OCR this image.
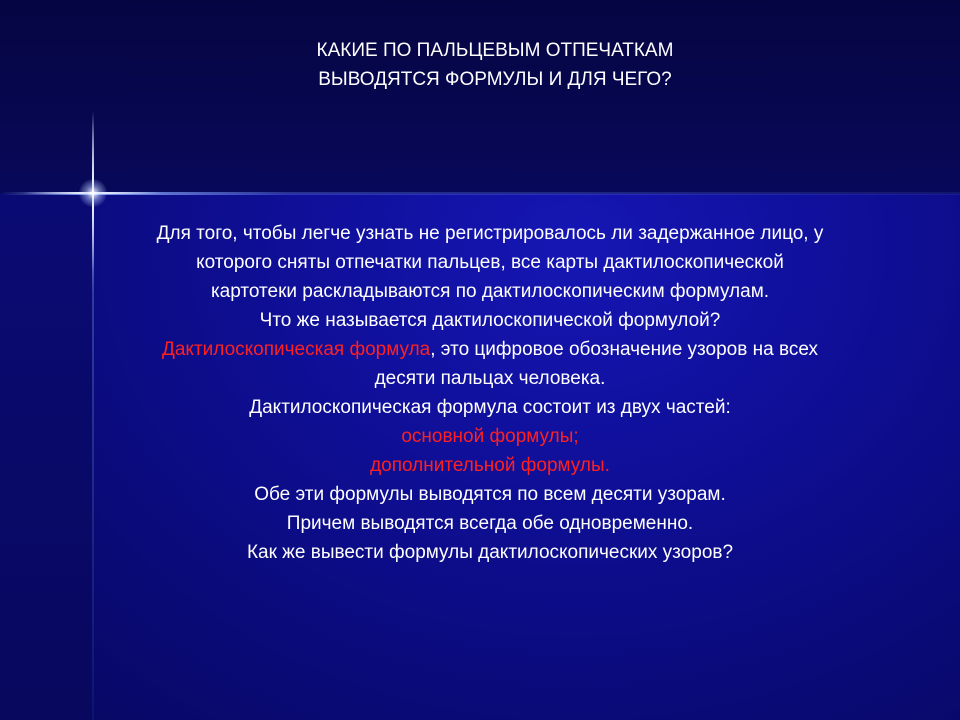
КАКИЕ ПО ПАЛЬЦЕВЫМ ОТПЕЧАТКАМ
ВЫВОДЯТСЯ ФОРМУЛЫ И ДЛЯ ЧЕГО?
Для того, чтобы легче узнать не регистрировалось ли задержанное лицо, у
которого сняты отпечатки пальцев, все карты дактилоскопической
картотеки раскладываются по дактилоскопическим формулам.
Что же называется дактилоскопической формулой?
Дактилоскопическая формула, это цифровое обозначение узоров на всех
десяти пальцах человека.
Дактилоскопическая формула состоит из двух частей:
основной формулы;
дополнительной формулы.
Обе эти формулы выводятся по всем десяти узорам.
Причем выводятся всегда обе одновременно.
Как же вывести формулы дактилоскопических узоров?
